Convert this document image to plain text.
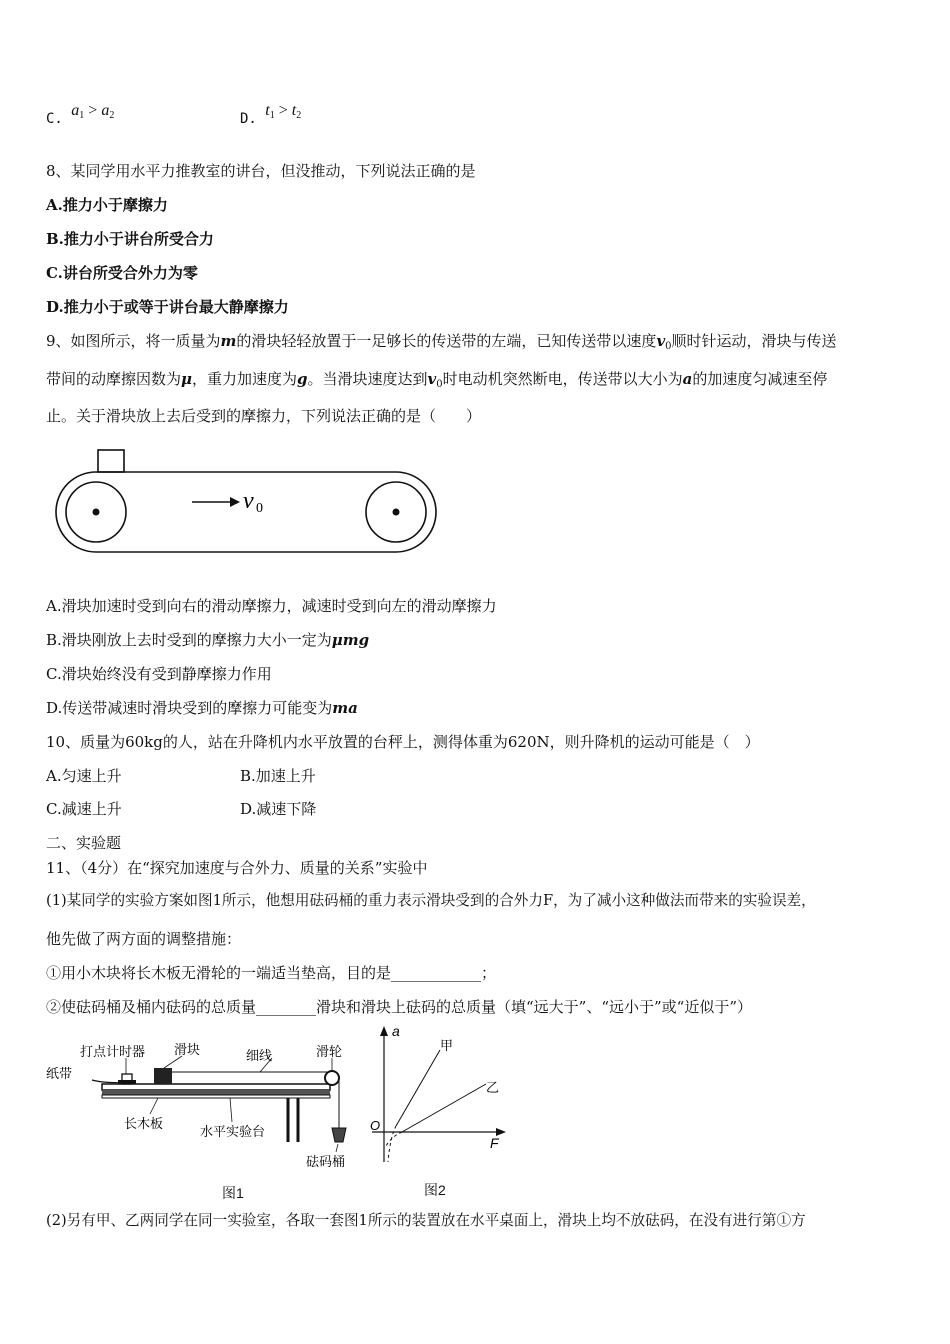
C. $a_1 > a_2$	D. $t_1 > t_2$
8、某同学用水平力推教室的讲台，但没推动，下列说法正确的是
A.推力小于摩擦力
B.推力小于讲台所受合力
C.讲台所受合外力为零
D.推力小于或等于讲台最大静摩擦力
9、如图所示，将一质量为m的滑块轻轻放置于一足够长的传送带的左端，已知传送带以速度$v_0$顺时针运动，滑块与传送
带间的动摩擦因数为μ，重力加速度为g。当滑块速度达到$v_0$时电动机突然断电，传送带以大小为a的加速度匀减速至停
止。关于滑块放上去后受到的摩擦力，下列说法正确的是（　　）
v 0
A.滑块加速时受到向右的滑动摩擦力，减速时受到向左的滑动摩擦力
B.滑块刚放上去时受到的摩擦力大小一定为μmg
C.滑块始终没有受到静摩擦力作用
D.传送带减速时滑块受到的摩擦力可能变为ma
10、质量为60kg的人，站在升降机内水平放置的台秤上，测得体重为620N，则升降机的运动可能是（　）
A.匀速上升	B.加速上升
C.减速上升	D.减速下降
二、实验题
11、（4分）在“探究加速度与合外力、质量的关系”实验中
(1)某同学的实验方案如图1所示，他想用砝码桶的重力表示滑块受到的合外力F，为了减小这种做法而带来的实验误差，
他先做了两方面的调整措施：
①用小木块将长木板无滑轮的一端适当垫高，目的是____________；
②使砝码桶及桶内砝码的总质量________滑块和滑块上砝码的总质量（填“远大于”、“远小于”或“近似于”）
打点计时器 滑块	细线	滑轮
纸带
长木板
水平实验台
砝码桶
图1
a
F
O
甲
乙
图2
(2)另有甲、乙两同学在同一实验室，各取一套图1所示的装置放在水平桌面上，滑块上均不放砝码，在没有进行第①方
